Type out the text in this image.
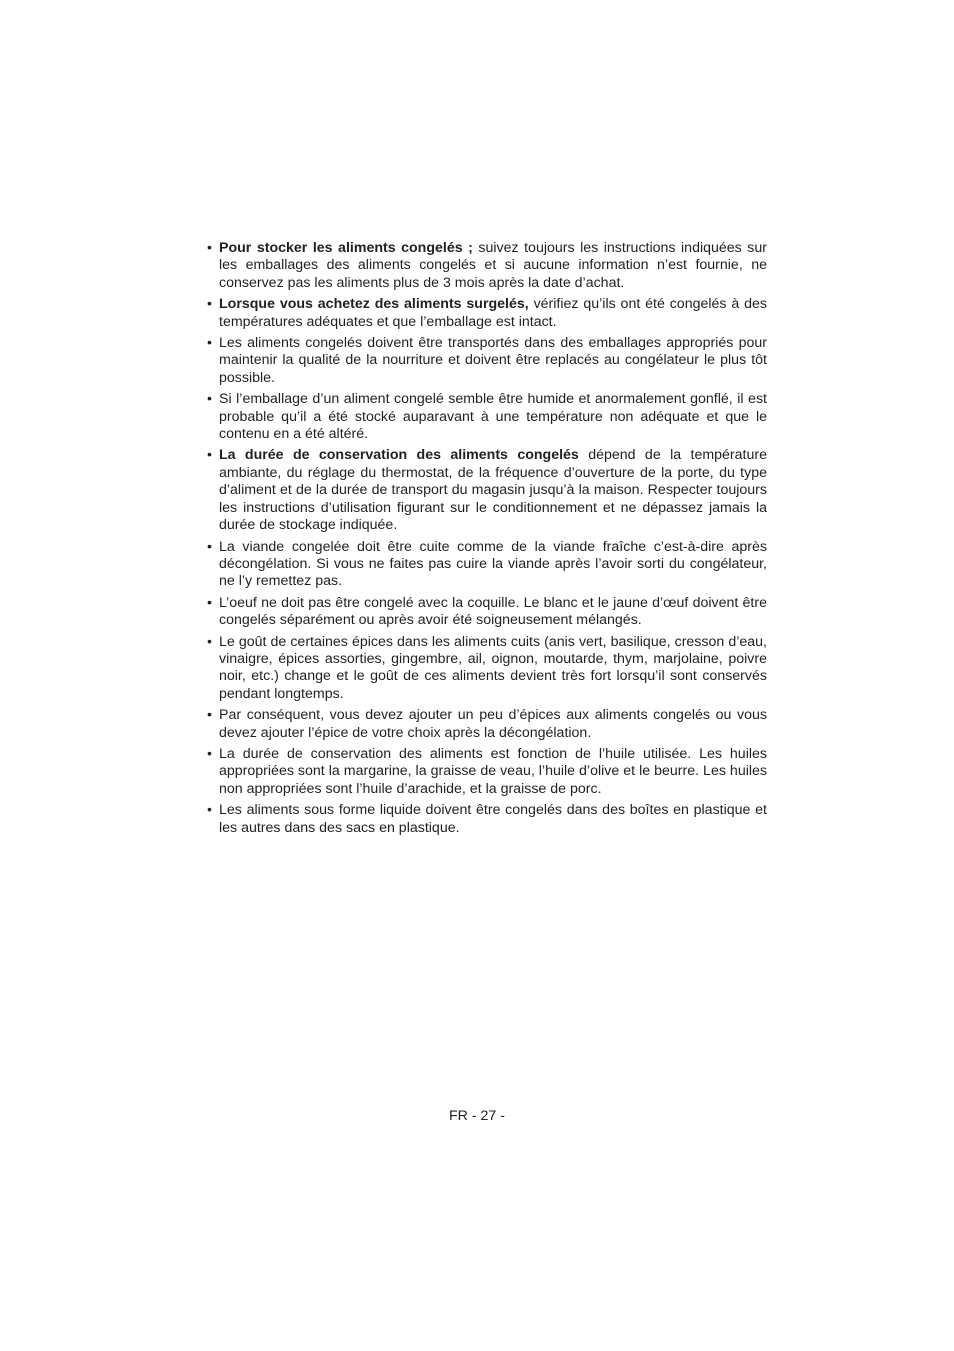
• Pour stocker les aliments congelés ; suivez toujours les instructions indiquées sur les emballages des aliments congelés et si aucune information n’est fournie, ne conservez pas les aliments plus de 3 mois après la date d’achat.
• Lorsque vous achetez des aliments surgelés, vérifiez qu’ils ont été congelés à des températures adéquates et que l’emballage est intact.
• Les aliments congelés doivent être transportés dans des emballages appropriés pour maintenir la qualité de la nourriture et doivent être replacés au congélateur le plus tôt possible.
• Si l’emballage d’un aliment congelé semble être humide et anormalement gonflé, il est probable qu’il a été stocké auparavant à une température non adéquate et que le contenu en a été altéré.
• La durée de conservation des aliments congelés dépend de la température ambiante, du réglage du thermostat, de la fréquence d’ouverture de la porte, du type d’aliment et de la durée de transport du magasin jusqu’à la maison. Respecter toujours les instructions d’utilisation figurant sur le conditionnement et ne dépassez jamais la durée de stockage indiquée.
• La viande congelée doit être cuite comme de la viande fraîche c’est-à-dire après décongélation. Si vous ne faites pas cuire la viande après l’avoir sorti du congélateur, ne l’y remettez pas.
• L’oeuf ne doit pas être congelé avec la coquille. Le blanc et le jaune d’œuf doivent être congelés séparément ou après avoir été soigneusement mélangés.
• Le goût de certaines épices dans les aliments cuits (anis vert, basilique, cresson d’eau, vinaigre, épices assorties, gingembre, ail, oignon, moutarde, thym, marjolaine, poivre noir, etc.) change et le goût de ces aliments devient très fort lorsqu’il sont conservés pendant longtemps.
• Par conséquent, vous devez ajouter un peu d’épices aux aliments congelés ou vous devez ajouter l’épice de votre choix après la décongélation.
• La durée de conservation des aliments est fonction de l’huile utilisée. Les huiles appropriées sont la margarine, la graisse de veau, l’huile d’olive et le beurre. Les huiles non appropriées sont l’huile d’arachide, et la graisse de porc.
• Les aliments sous forme liquide doivent être congelés dans des boîtes en plastique et les autres dans des sacs en plastique.
FR - 27 -
